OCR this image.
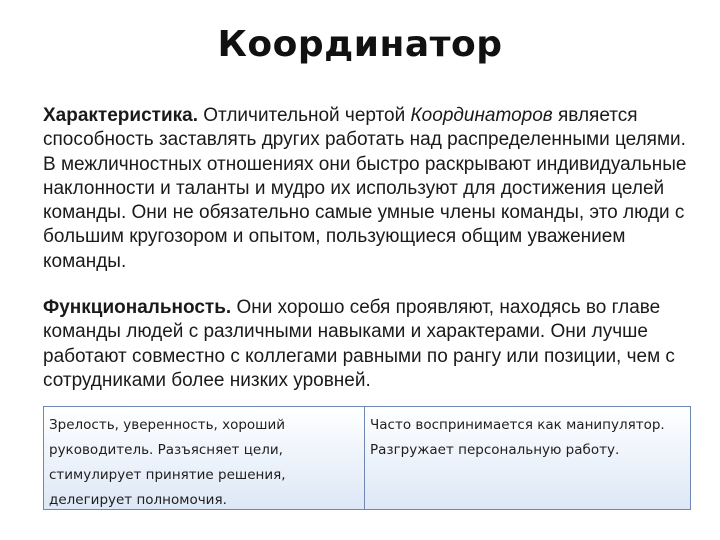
Координатор
Характеристика. Отличительной чертой Координаторов является способность заставлять других работать над распределенными целями. В межличностных отношениях они быстро раскрывают индивидуальные наклонности и таланты и мудро их используют для достижения целей команды. Они не обязательно самые умные члены команды, это люди с большим кругозором и опытом, пользующиеся общим уважением команды.
Функциональность. Они хорошо себя проявляют, находясь во главе команды людей с различными навыками и характерами. Они лучше работают совместно с коллегами равными по рангу или позиции, чем с сотрудниками более низких уровней.
Зрелость, уверенность, хороший руководитель. Разъясняет цели, стимулирует принятие решения, делегирует полномочия.
Часто воспринимается как манипулятор. Разгружает персональную работу.
